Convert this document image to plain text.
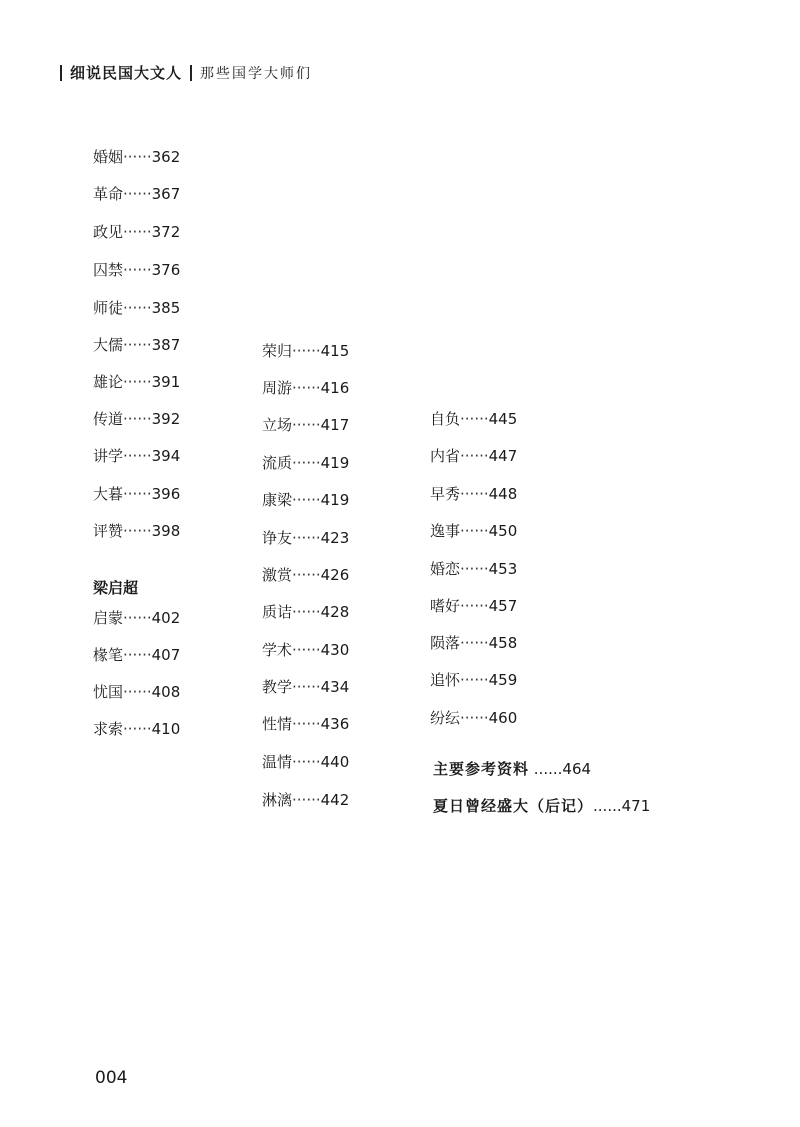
细说民国大文人 那些国学大师们
婚姻······362
革命······367
政见······372
囚禁······376
师徒······385
大儒······387
雄论······391
传道······392
讲学······394
大暮······396
评赞······398
梁启超
启蒙······402
椽笔······407
忧国······408
求索······410
荣归······415
周游······416
立场······417
流质······419
康梁······419
诤友······423
激赏······426
质诘······428
学术······430
教学······434
性情······436
温情······440
淋漓······442
自负······445
内省······447
早秀······448
逸事······450
婚恋······453
嗜好······457
陨落······458
追怀······459
纷纭······460
主要参考资料 ......464
夏日曾经盛大（后记）......471
004
